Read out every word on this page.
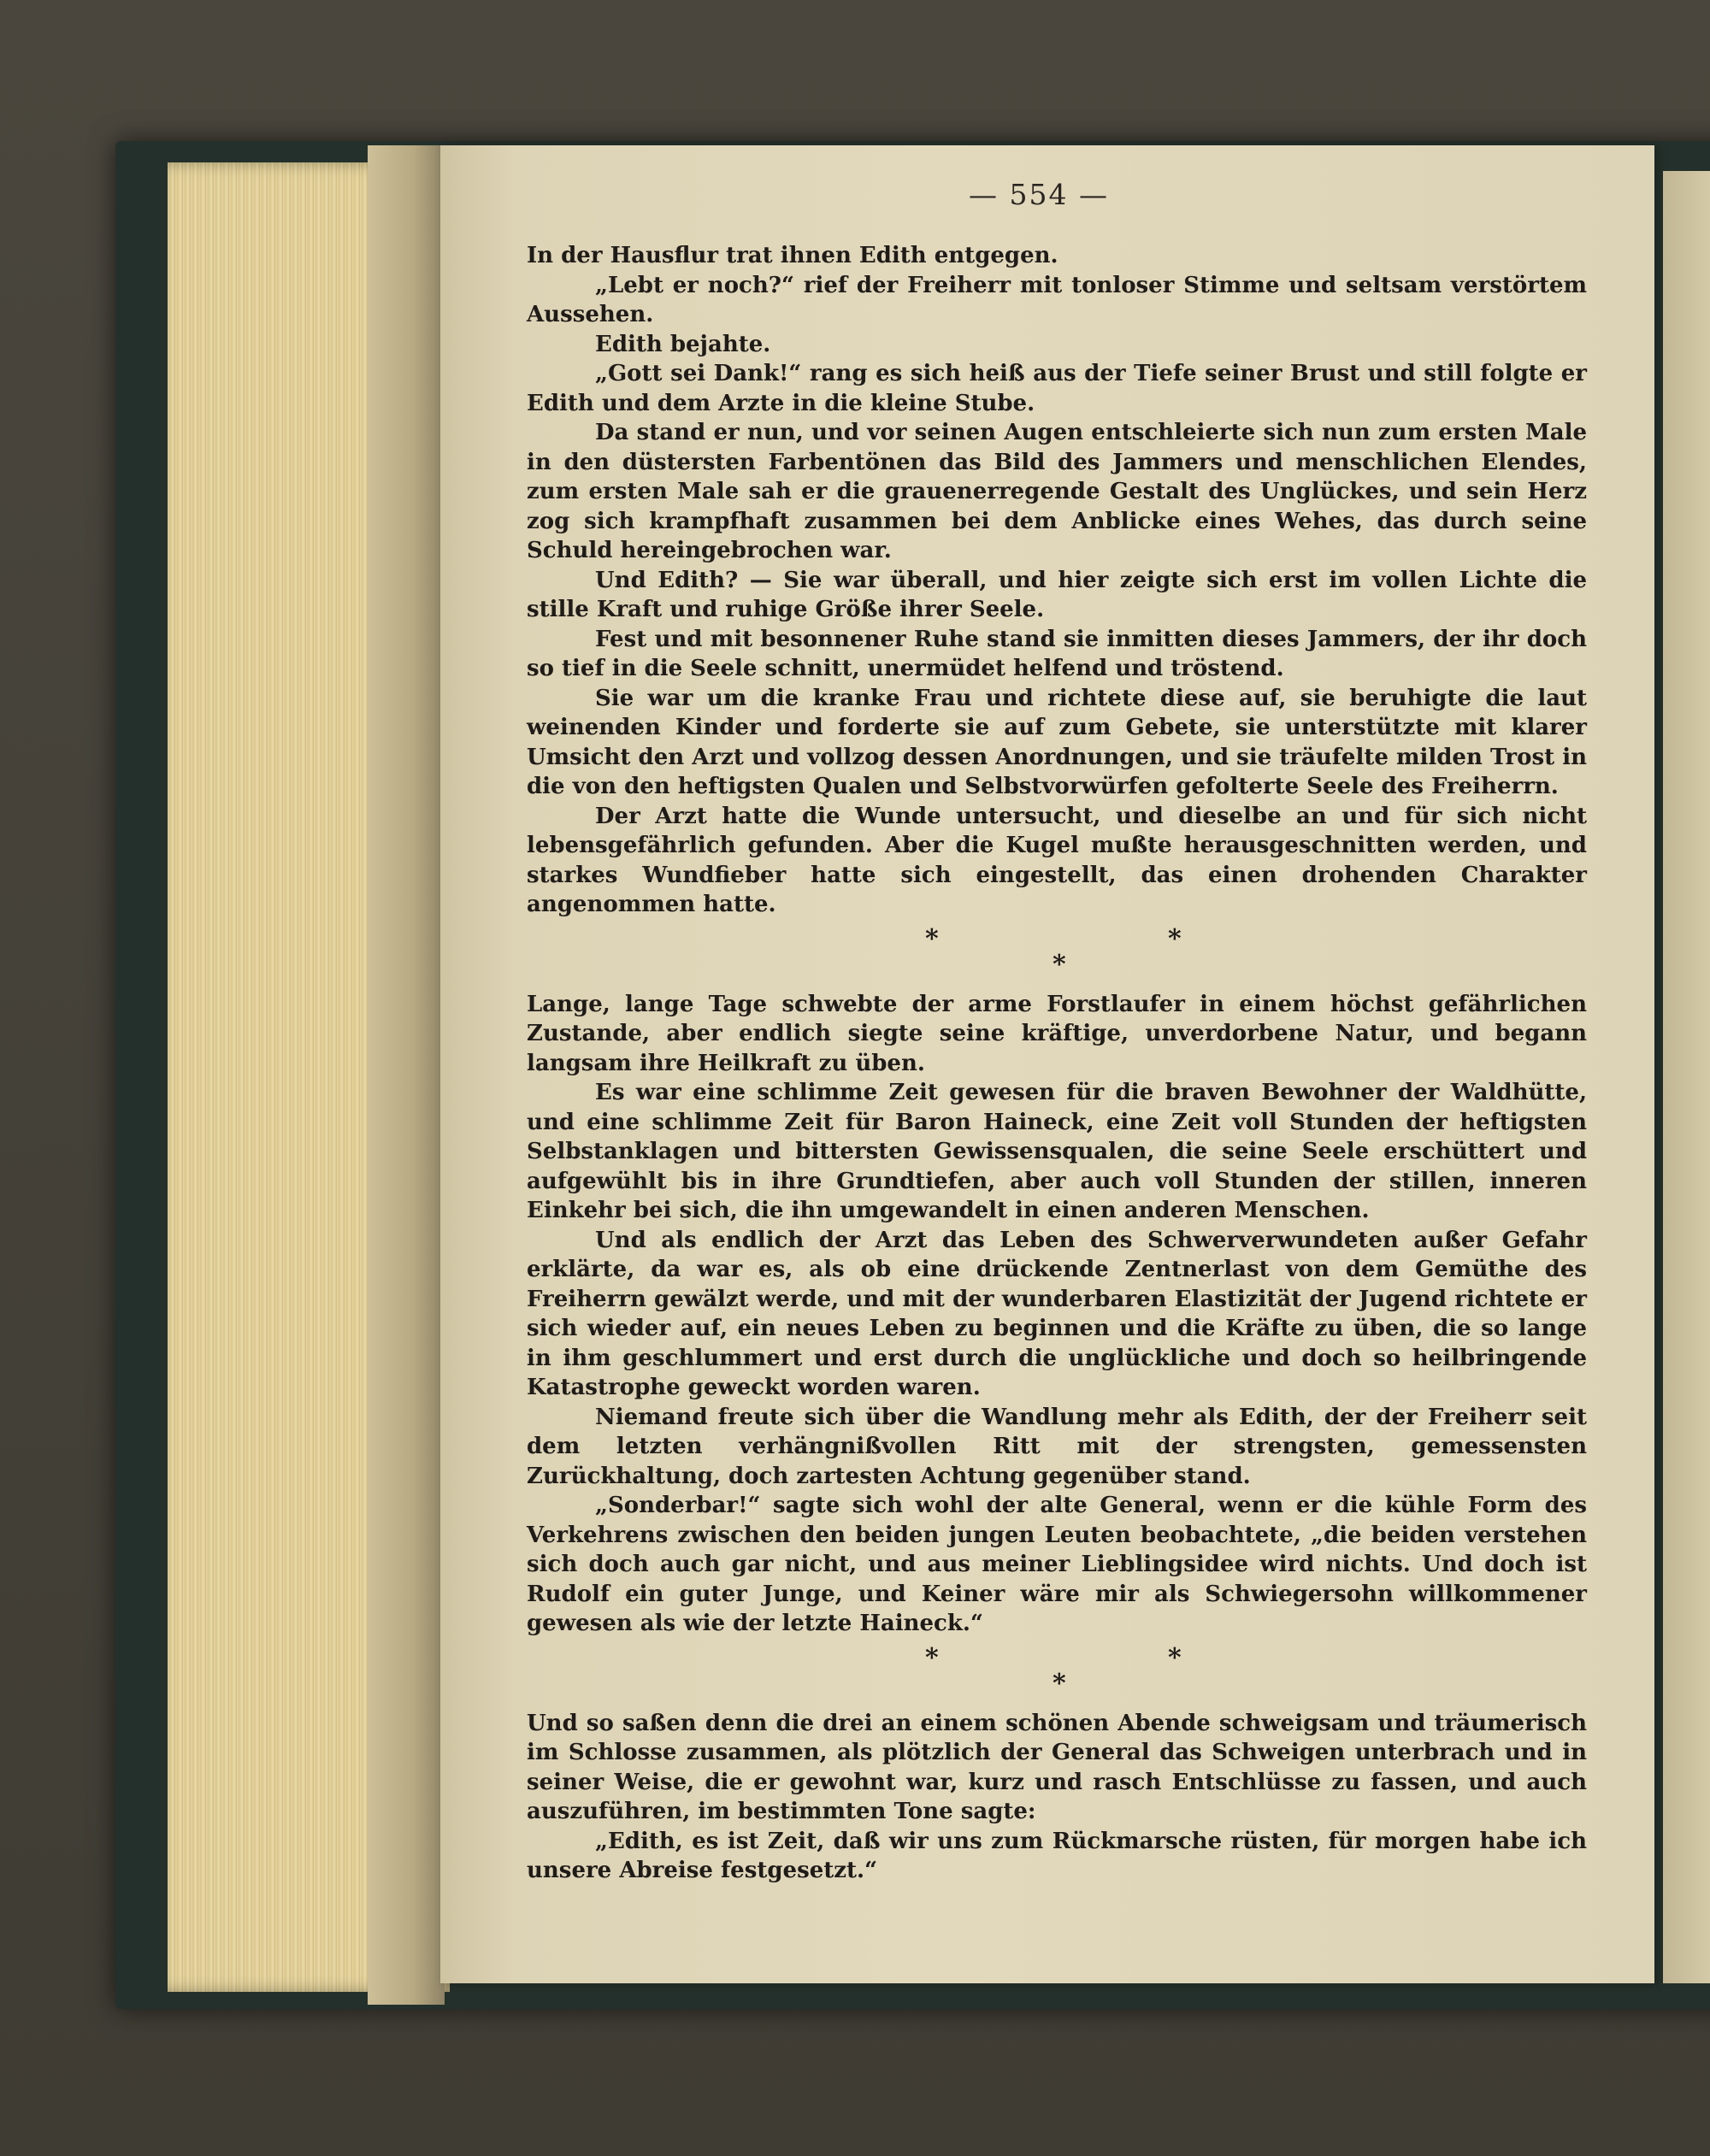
— 554 —

In der Hausflur trat ihnen Edith entgegen.

„Lebt er noch?“ rief der Freiherr mit tonloser Stimme und seltsam verstörtem Aussehen.

Edith bejahte.

„Gott sei Dank!“ rang es sich heiß aus der Tiefe seiner Brust und still folgte er Edith und dem Arzte in die kleine Stube.

Da stand er nun, und vor seinen Augen entschleierte sich nun zum ersten Male in den düstersten Farbentönen das Bild des Jammers und menschlichen Elendes, zum ersten Male sah er die grauenerregende Gestalt des Unglückes, und sein Herz zog sich krampfhaft zusammen bei dem Anblicke eines Wehes, das durch seine Schuld hereingebrochen war.

Und Edith? — Sie war überall, und hier zeigte sich erst im vollen Lichte die stille Kraft und ruhige Größe ihrer Seele.

Fest und mit besonnener Ruhe stand sie inmitten dieses Jammers, der ihr doch so tief in die Seele schnitt, unermüdet helfend und tröstend.

Sie war um die kranke Frau und richtete diese auf, sie beruhigte die laut weinenden Kinder und forderte sie auf zum Gebete, sie unterstützte mit klarer Umsicht den Arzt und vollzog dessen Anordnungen, und sie träufelte milden Trost in die von den heftigsten Qualen und Selbstvorwürfen gefolterte Seele des Freiherrn.

Der Arzt hatte die Wunde untersucht, und dieselbe an und für sich nicht lebensgefährlich gefunden. Aber die Kugel mußte herausgeschnitten werden, und starkes Wundfieber hatte sich eingestellt, das einen drohenden Charakter angenommen hatte.

*
*
*

Lange, lange Tage schwebte der arme Forstlaufer in einem höchst gefährlichen Zustande, aber endlich siegte seine kräftige, unverdorbene Natur, und begann langsam ihre Heilkraft zu üben.

Es war eine schlimme Zeit gewesen für die braven Bewohner der Waldhütte, und eine schlimme Zeit für Baron Haineck, eine Zeit voll Stunden der heftigsten Selbstanklagen und bittersten Gewissensqualen, die seine Seele erschüttert und aufgewühlt bis in ihre Grundtiefen, aber auch voll Stunden der stillen, inneren Einkehr bei sich, die ihn umgewandelt in einen anderen Menschen.

Und als endlich der Arzt das Leben des Schwerverwundeten außer Gefahr erklärte, da war es, als ob eine drückende Zentnerlast von dem Gemüthe des Freiherrn gewälzt werde, und mit der wunderbaren Elastizität der Jugend richtete er sich wieder auf, ein neues Leben zu beginnen und die Kräfte zu üben, die so lange in ihm geschlummert und erst durch die unglückliche und doch so heilbringende Katastrophe geweckt worden waren.

Niemand freute sich über die Wandlung mehr als Edith, der der Freiherr seit dem letzten verhängnißvollen Ritt mit der strengsten, gemessensten Zurückhaltung, doch zartesten Achtung gegenüber stand.

„Sonderbar!“ sagte sich wohl der alte General, wenn er die kühle Form des Verkehrens zwischen den beiden jungen Leuten beobachtete, „die beiden verstehen sich doch auch gar nicht, und aus meiner Lieblingsidee wird nichts. Und doch ist Rudolf ein guter Junge, und Keiner wäre mir als Schwiegersohn willkommener gewesen als wie der letzte Haineck.“

*
*
*

Und so saßen denn die drei an einem schönen Abende schweigsam und träumerisch im Schlosse zusammen, als plötzlich der General das Schweigen unterbrach und in seiner Weise, die er gewohnt war, kurz und rasch Entschlüsse zu fassen, und auch auszuführen, im bestimmten Tone sagte:

„Edith, es ist Zeit, daß wir uns zum Rückmarsche rüsten, für morgen habe ich unsere Abreise festgesetzt.“
